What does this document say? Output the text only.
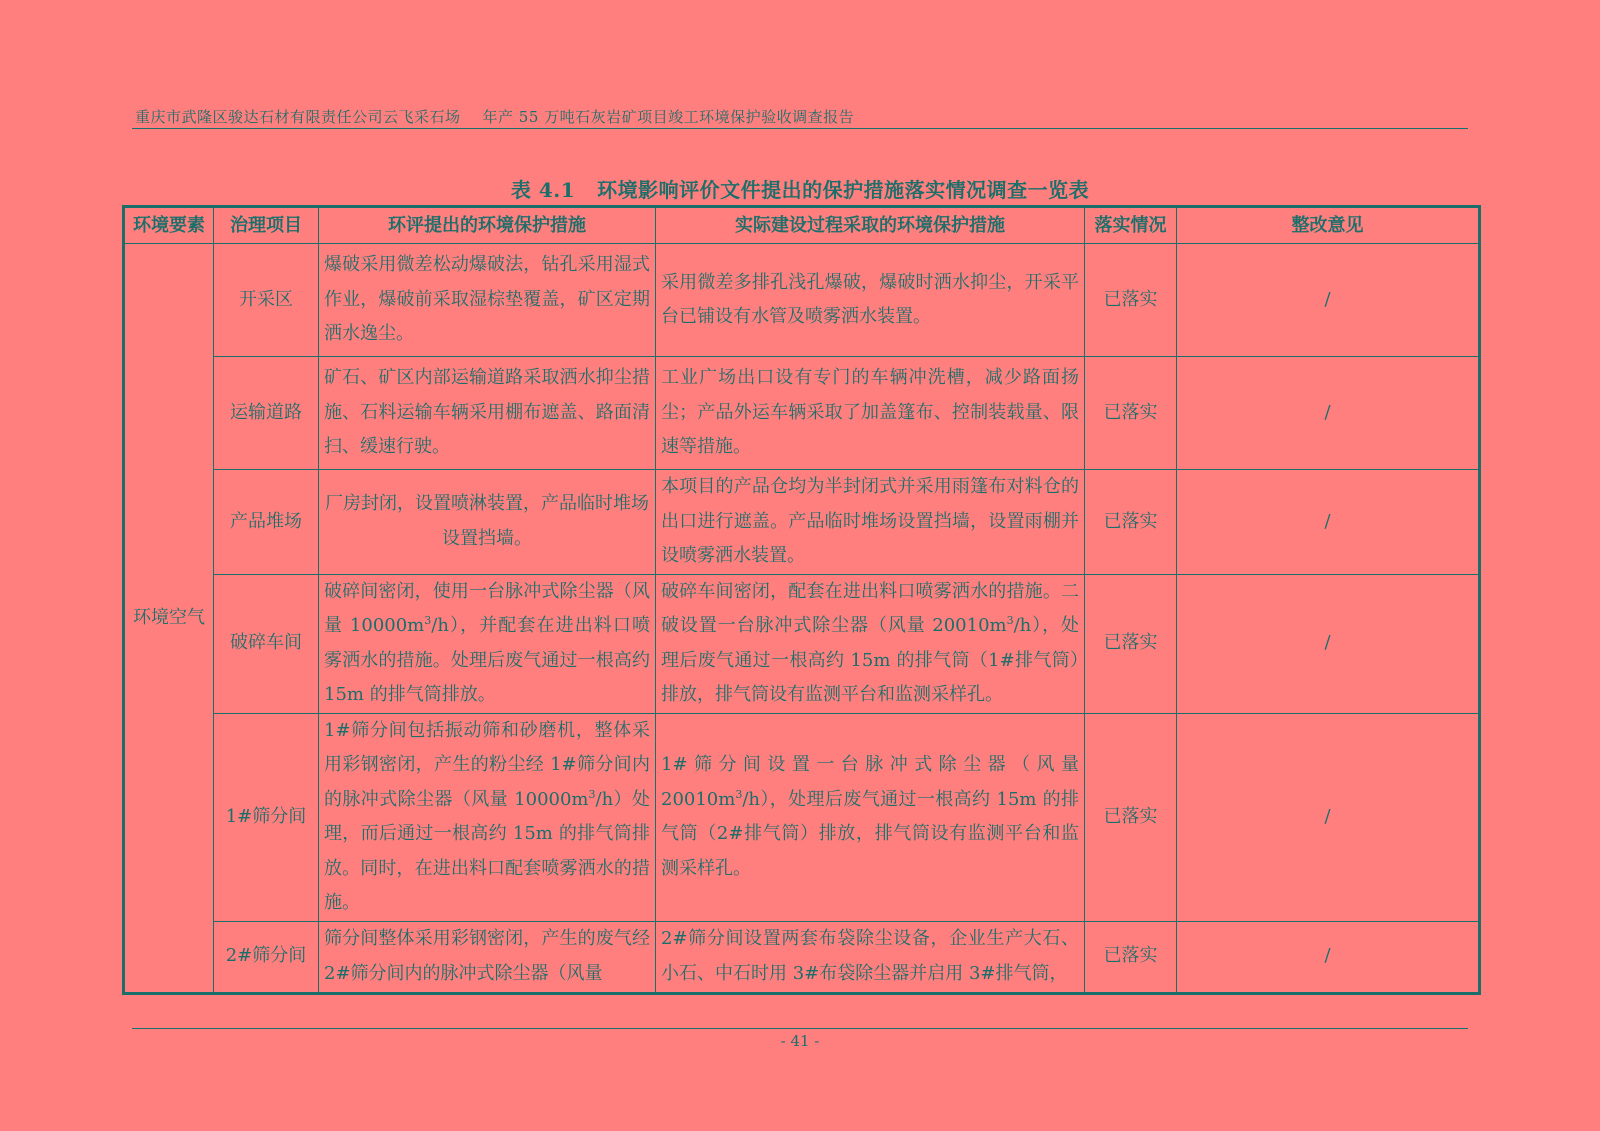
重庆市武隆区骏达石材有限责任公司云飞采石场 年产 55 万吨石灰岩矿项目竣工环境保护验收调查报告
表 4.1 环境影响评价文件提出的保护措施落实情况调查一览表
环境要素	治理项目	环评提出的环境保护措施	实际建设过程采取的环境保护措施	落实情况	整改意见
环境空气	开采区	爆破采用微差松动爆破法，钻孔采用湿式作业，爆破前采取湿棕垫覆盖，矿区定期洒水逸尘。	采用微差多排孔浅孔爆破，爆破时洒水抑尘，开采平台已铺设有水管及喷雾洒水装置。	已落实	/
	运输道路	矿石、矿区内部运输道路采取洒水抑尘措施、石料运输车辆采用棚布遮盖、路面清扫、缓速行驶。	工业广场出口设有专门的车辆冲洗槽，减少路面扬尘；产品外运车辆采取了加盖篷布、控制装载量、限速等措施。	已落实	/
	产品堆场	厂房封闭，设置喷淋装置，产品临时堆场设置挡墙。	本项目的产品仓均为半封闭式并采用雨篷布对料仓的出口进行遮盖。产品临时堆场设置挡墙，设置雨棚并设喷雾洒水装置。	已落实	/
	破碎车间	破碎间密闭，使用一台脉冲式除尘器（风量 $10000m^3/h$），并配套在进出料口喷雾洒水的措施。处理后废气通过一根高约 15m 的排气筒排放。	破碎车间密闭，配套在进出料口喷雾洒水的措施。二破设置一台脉冲式除尘器（风量 $20010m^3/h$），处理后废气通过一根高约 15m 的排气筒（1#排气筒）排放，排气筒设有监测平台和监测采样孔。	已落实	/
	1#筛分间	1#筛分间包括振动筛和砂磨机，整体采用彩钢密闭，产生的粉尘经 1#筛分间内的脉冲式除尘器（风量 $10000m^3/h$）处理，而后通过一根高约 15m 的排气筒排放。同时，在进出料口配套喷雾洒水的措施。	1#筛分间设置一台脉冲式除尘器（风量 $20010m^3/h$），处理后废气通过一根高约 15m 的排气筒（2#排气筒）排放，排气筒设有监测平台和监测采样孔。	已落实	/
	2#筛分间	筛分间整体采用彩钢密闭，产生的废气经 2#筛分间内的脉冲式除尘器（风量	2#筛分间设置两套布袋除尘设备，企业生产大石、小石、中石时用 3#布袋除尘器并启用 3#排气筒，	已落实	/
- 41 -
